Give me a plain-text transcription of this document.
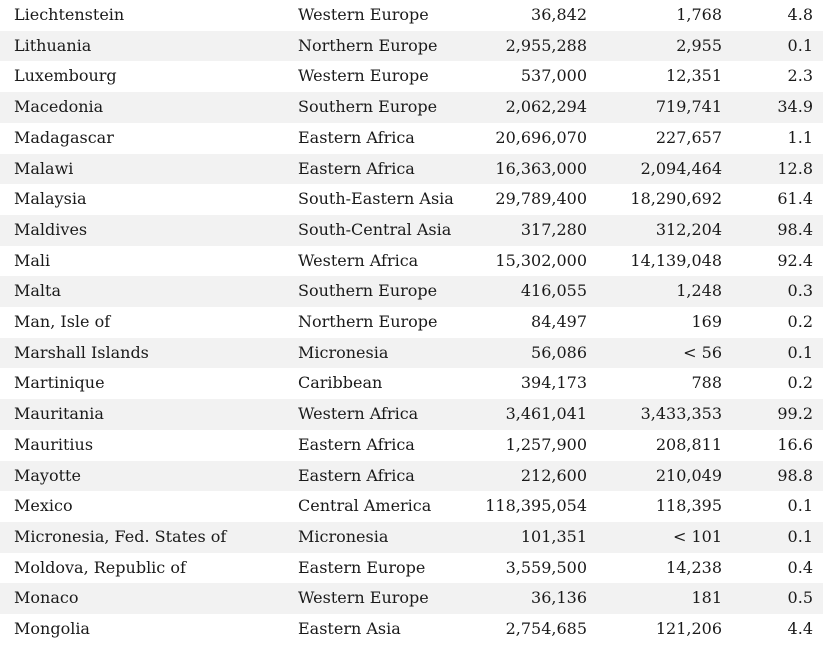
Liechtenstein	Western Europe	36,842	1,768	4.8
Lithuania	Northern Europe	2,955,288	2,955	0.1
Luxembourg	Western Europe	537,000	12,351	2.3
Macedonia	Southern Europe	2,062,294	719,741	34.9
Madagascar	Eastern Africa	20,696,070	227,657	1.1
Malawi	Eastern Africa	16,363,000	2,094,464	12.8
Malaysia	South-Eastern Asia	29,789,400	18,290,692	61.4
Maldives	South-Central Asia	317,280	312,204	98.4
Mali	Western Africa	15,302,000	14,139,048	92.4
Malta	Southern Europe	416,055	1,248	0.3
Man, Isle of	Northern Europe	84,497	169	0.2
Marshall Islands	Micronesia	56,086	< 56	0.1
Martinique	Caribbean	394,173	788	0.2
Mauritania	Western Africa	3,461,041	3,433,353	99.2
Mauritius	Eastern Africa	1,257,900	208,811	16.6
Mayotte	Eastern Africa	212,600	210,049	98.8
Mexico	Central America	118,395,054	118,395	0.1
Micronesia, Fed. States of	Micronesia	101,351	< 101	0.1
Moldova, Republic of	Eastern Europe	3,559,500	14,238	0.4
Monaco	Western Europe	36,136	181	0.5
Mongolia	Eastern Asia	2,754,685	121,206	4.4
